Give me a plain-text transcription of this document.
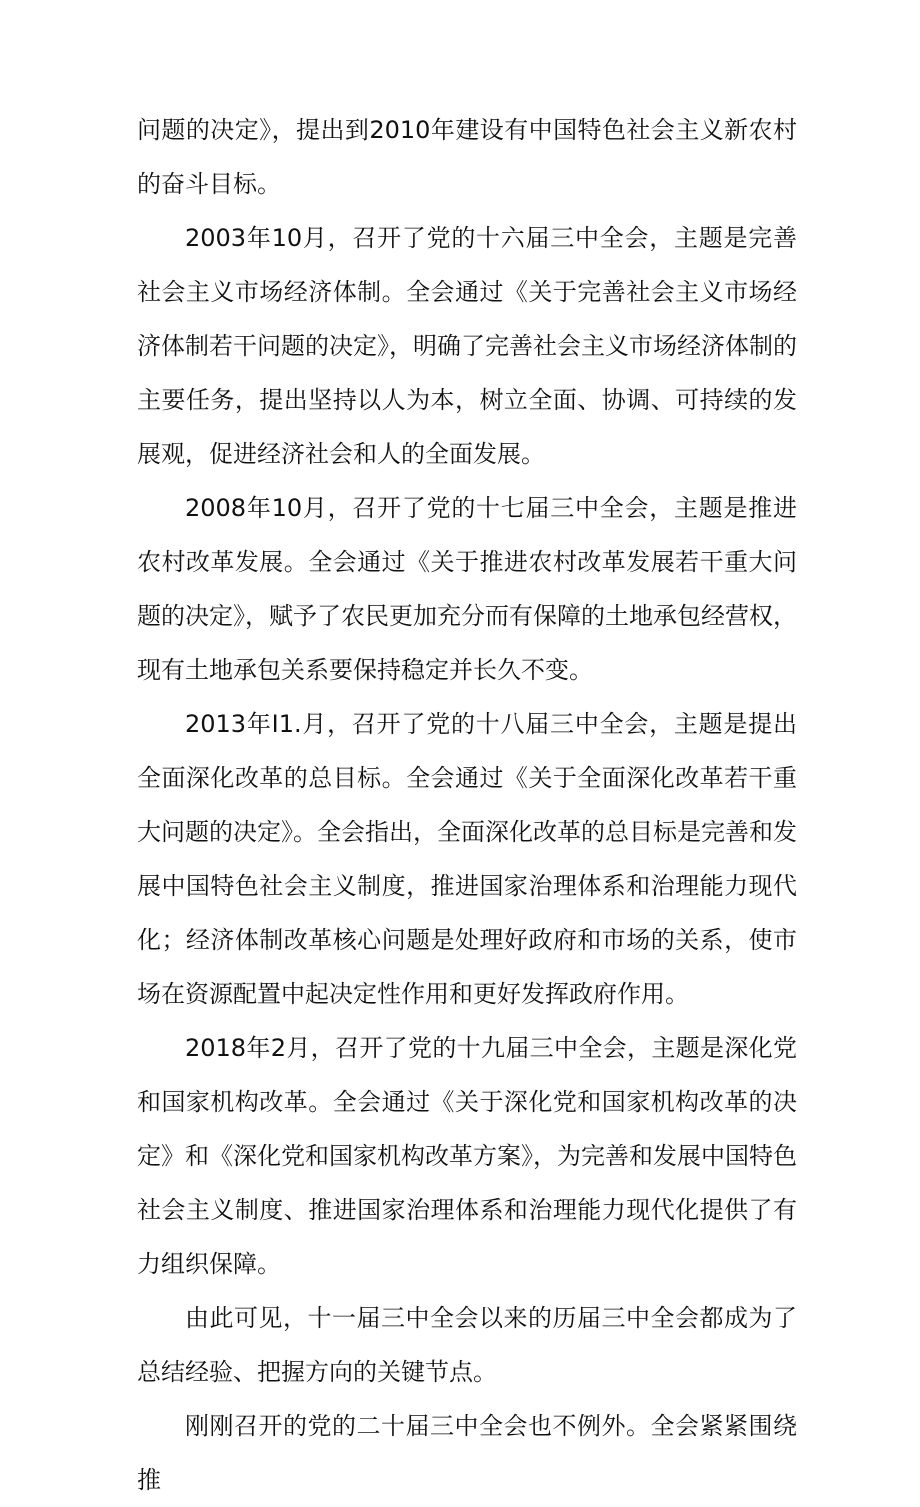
问题的决定》，提出到2010年建设有中国特色社会主义新农村的奋斗目标。

2003年10月，召开了党的十六届三中全会，主题是完善社会主义市场经济体制。全会通过《关于完善社会主义市场经济体制若干问题的决定》，明确了完善社会主义市场经济体制的主要任务，提出坚持以人为本，树立全面、协调、可持续的发展观，促进经济社会和人的全面发展。

2008年10月，召开了党的十七届三中全会，主题是推进农村改革发展。全会通过《关于推进农村改革发展若干重大问题的决定》，赋予了农民更加充分而有保障的土地承包经营权，现有土地承包关系要保持稳定并长久不变。

2013年I1.月，召开了党的十八届三中全会，主题是提出全面深化改革的总目标。全会通过《关于全面深化改革若干重大问题的决定》。全会指出，全面深化改革的总目标是完善和发展中国特色社会主义制度，推进国家治理体系和治理能力现代化；经济体制改革核心问题是处理好政府和市场的关系，使市场在资源配置中起决定性作用和更好发挥政府作用。

2018年2月，召开了党的十九届三中全会，主题是深化党和国家机构改革。全会通过《关于深化党和国家机构改革的决定》和《深化党和国家机构改革方案》，为完善和发展中国特色社会主义制度、推进国家治理体系和治理能力现代化提供了有力组织保障。

由此可见，十一届三中全会以来的历届三中全会都成为了总结经验、把握方向的关键节点。

刚刚召开的党的二十届三中全会也不例外。全会紧紧围绕推
